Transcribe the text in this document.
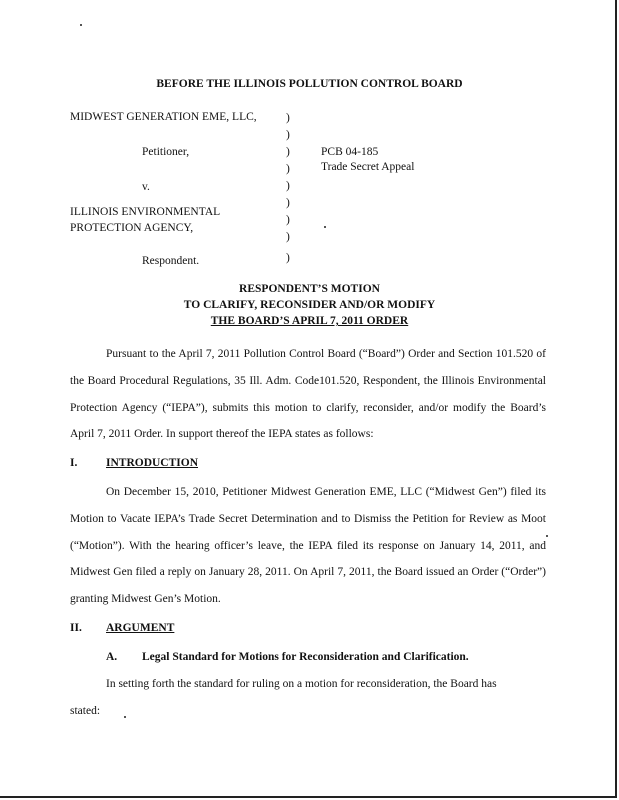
BEFORE THE ILLINOIS POLLUTION CONTROL BOARD
MIDWEST GENERATION EME, LLC,
Petitioner,
v.
ILLINOIS ENVIRONMENTAL
PROTECTION AGENCY,
Respondent.
)
)
)
)
)
)
)
)
)
PCB 04-185
Trade Secret Appeal
RESPONDENT’S MOTION
TO CLARIFY, RECONSIDER AND/OR MODIFY
THE BOARD’S APRIL 7, 2011 ORDER
Pursuant to the April 7, 2011 Pollution Control Board (“Board”) Order and Section 101.520 of the Board Procedural Regulations, 35 Ill. Adm. Code101.520, Respondent, the Illinois Environmental Protection Agency (“IEPA”), submits this motion to clarify, reconsider, and/or modify the Board’s April 7, 2011 Order. In support thereof the IEPA states as follows:
I. INTRODUCTION
On December 15, 2010, Petitioner Midwest Generation EME, LLC (“Midwest Gen”) filed its Motion to Vacate IEPA’s Trade Secret Determination and to Dismiss the Petition for Review as Moot (“Motion”). With the hearing officer’s leave, the IEPA filed its response on January 14, 2011, and Midwest Gen filed a reply on January 28, 2011. On April 7, 2011, the Board issued an Order (“Order”) granting Midwest Gen’s Motion.
II. ARGUMENT
A. Legal Standard for Motions for Reconsideration and Clarification.
In setting forth the standard for ruling on a motion for reconsideration, the Board has
stated:
